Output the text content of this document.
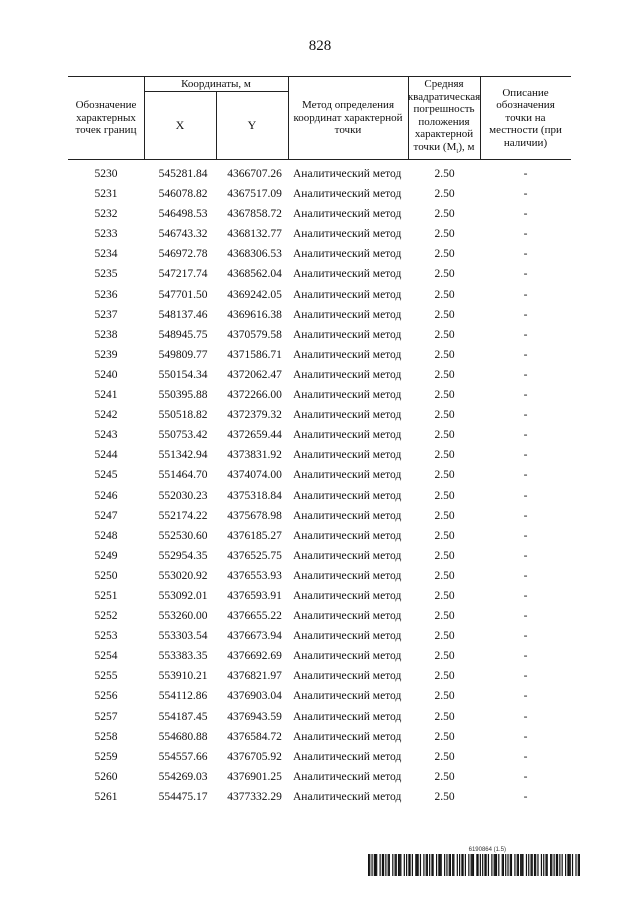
828
Обозначение характерных точек границ
Координаты, м
X	Y
Метод определения координат характерной точки
Средняя квадратическая погрешность положения характерной точки $(M_t)$, м
Описание обозначения точки на местности (при наличии)
5230	545281.84	4366707.26 Аналитический метод	2.50	-
5231	546078.82	4367517.09 Аналитический метод	2.50	-
5232	546498.53	4367858.72 Аналитический метод	2.50	-
5233	546743.32	4368132.77 Аналитический метод	2.50	-
5234	546972.78	4368306.53 Аналитический метод	2.50	-
5235	547217.74	4368562.04 Аналитический метод	2.50	-
5236	547701.50	4369242.05 Аналитический метод	2.50	-
5237	548137.46	4369616.38 Аналитический метод	2.50	-
5238	548945.75	4370579.58 Аналитический метод	2.50	-
5239	549809.77	4371586.71 Аналитический метод	2.50	-
5240	550154.34	4372062.47 Аналитический метод	2.50	-
5241	550395.88	4372266.00 Аналитический метод	2.50	-
5242	550518.82	4372379.32 Аналитический метод	2.50	-
5243	550753.42	4372659.44 Аналитический метод	2.50	-
5244	551342.94	4373831.92 Аналитический метод	2.50	-
5245	551464.70	4374074.00 Аналитический метод	2.50	-
5246	552030.23	4375318.84 Аналитический метод	2.50	-
5247	552174.22	4375678.98 Аналитический метод	2.50	-
5248	552530.60	4376185.27 Аналитический метод	2.50	-
5249	552954.35	4376525.75 Аналитический метод	2.50	-
5250	553020.92	4376553.93 Аналитический метод	2.50	-
5251	553092.01	4376593.91 Аналитический метод	2.50	-
5252	553260.00	4376655.22 Аналитический метод	2.50	-
5253	553303.54	4376673.94 Аналитический метод	2.50	-
5254	553383.35	4376692.69 Аналитический метод	2.50	-
5255	553910.21	4376821.97 Аналитический метод	2.50	-
5256	554112.86	4376903.04 Аналитический метод	2.50	-
5257	554187.45	4376943.59 Аналитический метод	2.50	-
5258	554680.88	4376584.72 Аналитический метод	2.50	-
5259	554557.66	4376705.92 Аналитический метод	2.50	-
5260	554269.03	4376901.25 Аналитический метод	2.50	-
5261	554475.17	4377332.29 Аналитический метод	2.50	-
6190864 (1.5)
